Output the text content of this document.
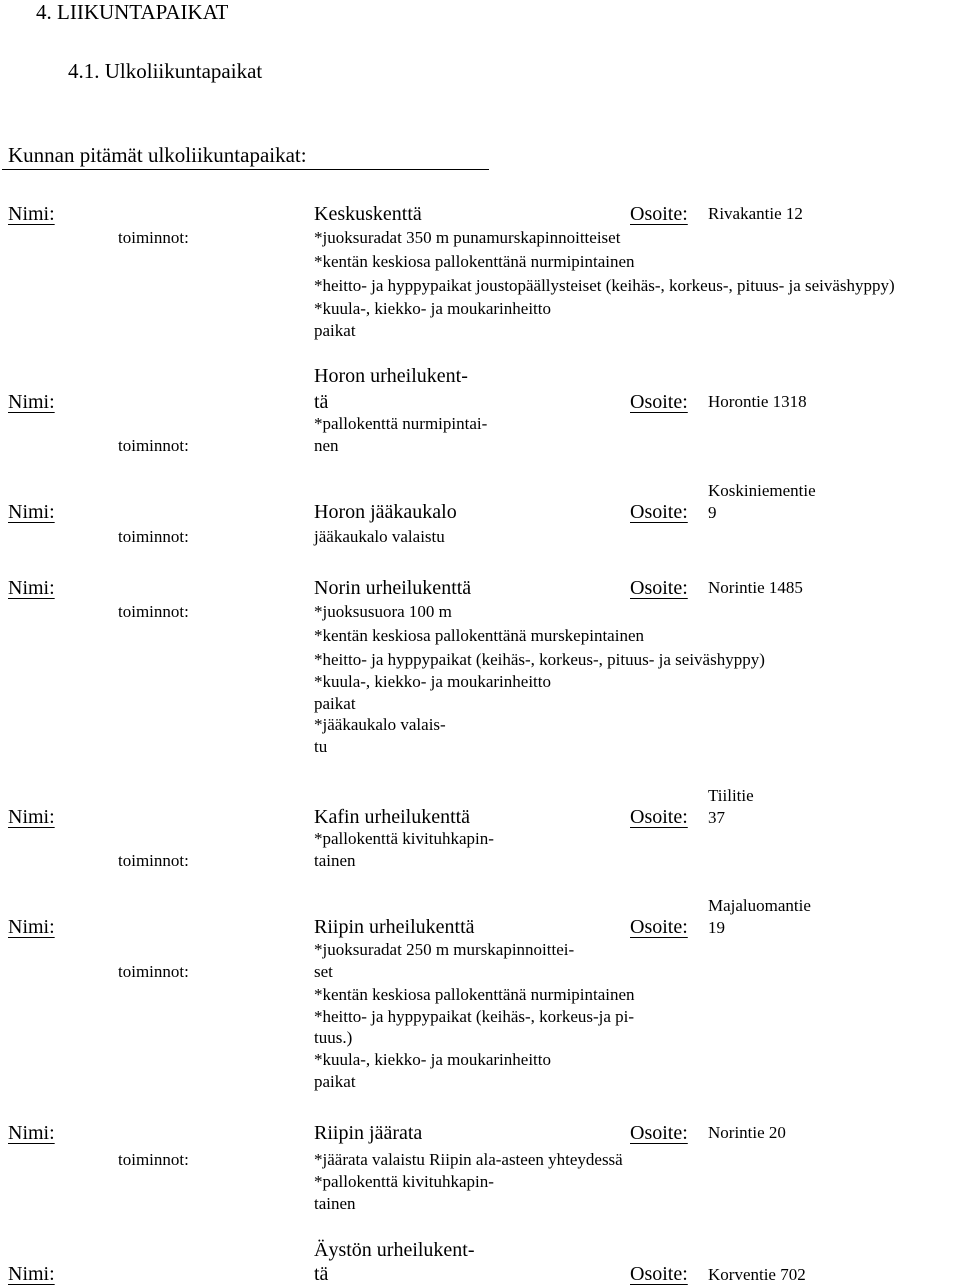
4. LIIKUNTAPAIKAT
4.1. Ulkoliikuntapaikat
Kunnan pitämät ulkoliikuntapaikat:
Nimi:	Keskuskenttä	Osoite: Rivakantie 12
toiminnot:	*juoksuradat 350 m punamurskapinnoitteiset
*kentän keskiosa pallokenttänä nurmipintainen
*heitto- ja hyppypaikat joustopäällysteiset (keihäs-, korkeus-, pituus- ja seiväshyppy)
*kuula-, kiekko- ja moukarinheitto
paikat
Horon urheilukent-
Nimi:	tä	Osoite: Horontie 1318
*pallokenttä nurmipintai-
toiminnot:	nen
Koskiniementie
Nimi:	Horon jääkaukalo	Osoite: 9
toiminnot:	jääkaukalo valaistu
Nimi:	Norin urheilukenttä	Osoite: Norintie 1485
toiminnot:	*juoksusuora 100 m
*kentän keskiosa pallokenttänä murskepintainen
*heitto- ja hyppypaikat (keihäs-, korkeus-, pituus- ja seiväshyppy)
*kuula-, kiekko- ja moukarinheitto
paikat
*jääkaukalo valais-
tu
Tiilitie
Nimi:	Kafin urheilukenttä	Osoite: 37
*pallokenttä kivituhkapin-
toiminnot:	tainen
Majaluomantie
Nimi:	Riipin urheilukenttä	Osoite: 19
*juoksuradat 250 m murskapinnoittei-
toiminnot:	set
*kentän keskiosa pallokenttänä nurmipintainen
*heitto- ja hyppypaikat (keihäs-, korkeus-ja pi-
tuus.)
*kuula-, kiekko- ja moukarinheitto
paikat
Nimi:	Riipin jäärata	Osoite: Norintie 20
toiminnot:	*jäärata valaistu Riipin ala-asteen yhteydessä
*pallokenttä kivituhkapin-
tainen
Äystön urheilukent-
Nimi:	tä	Osoite: Korventie 702
